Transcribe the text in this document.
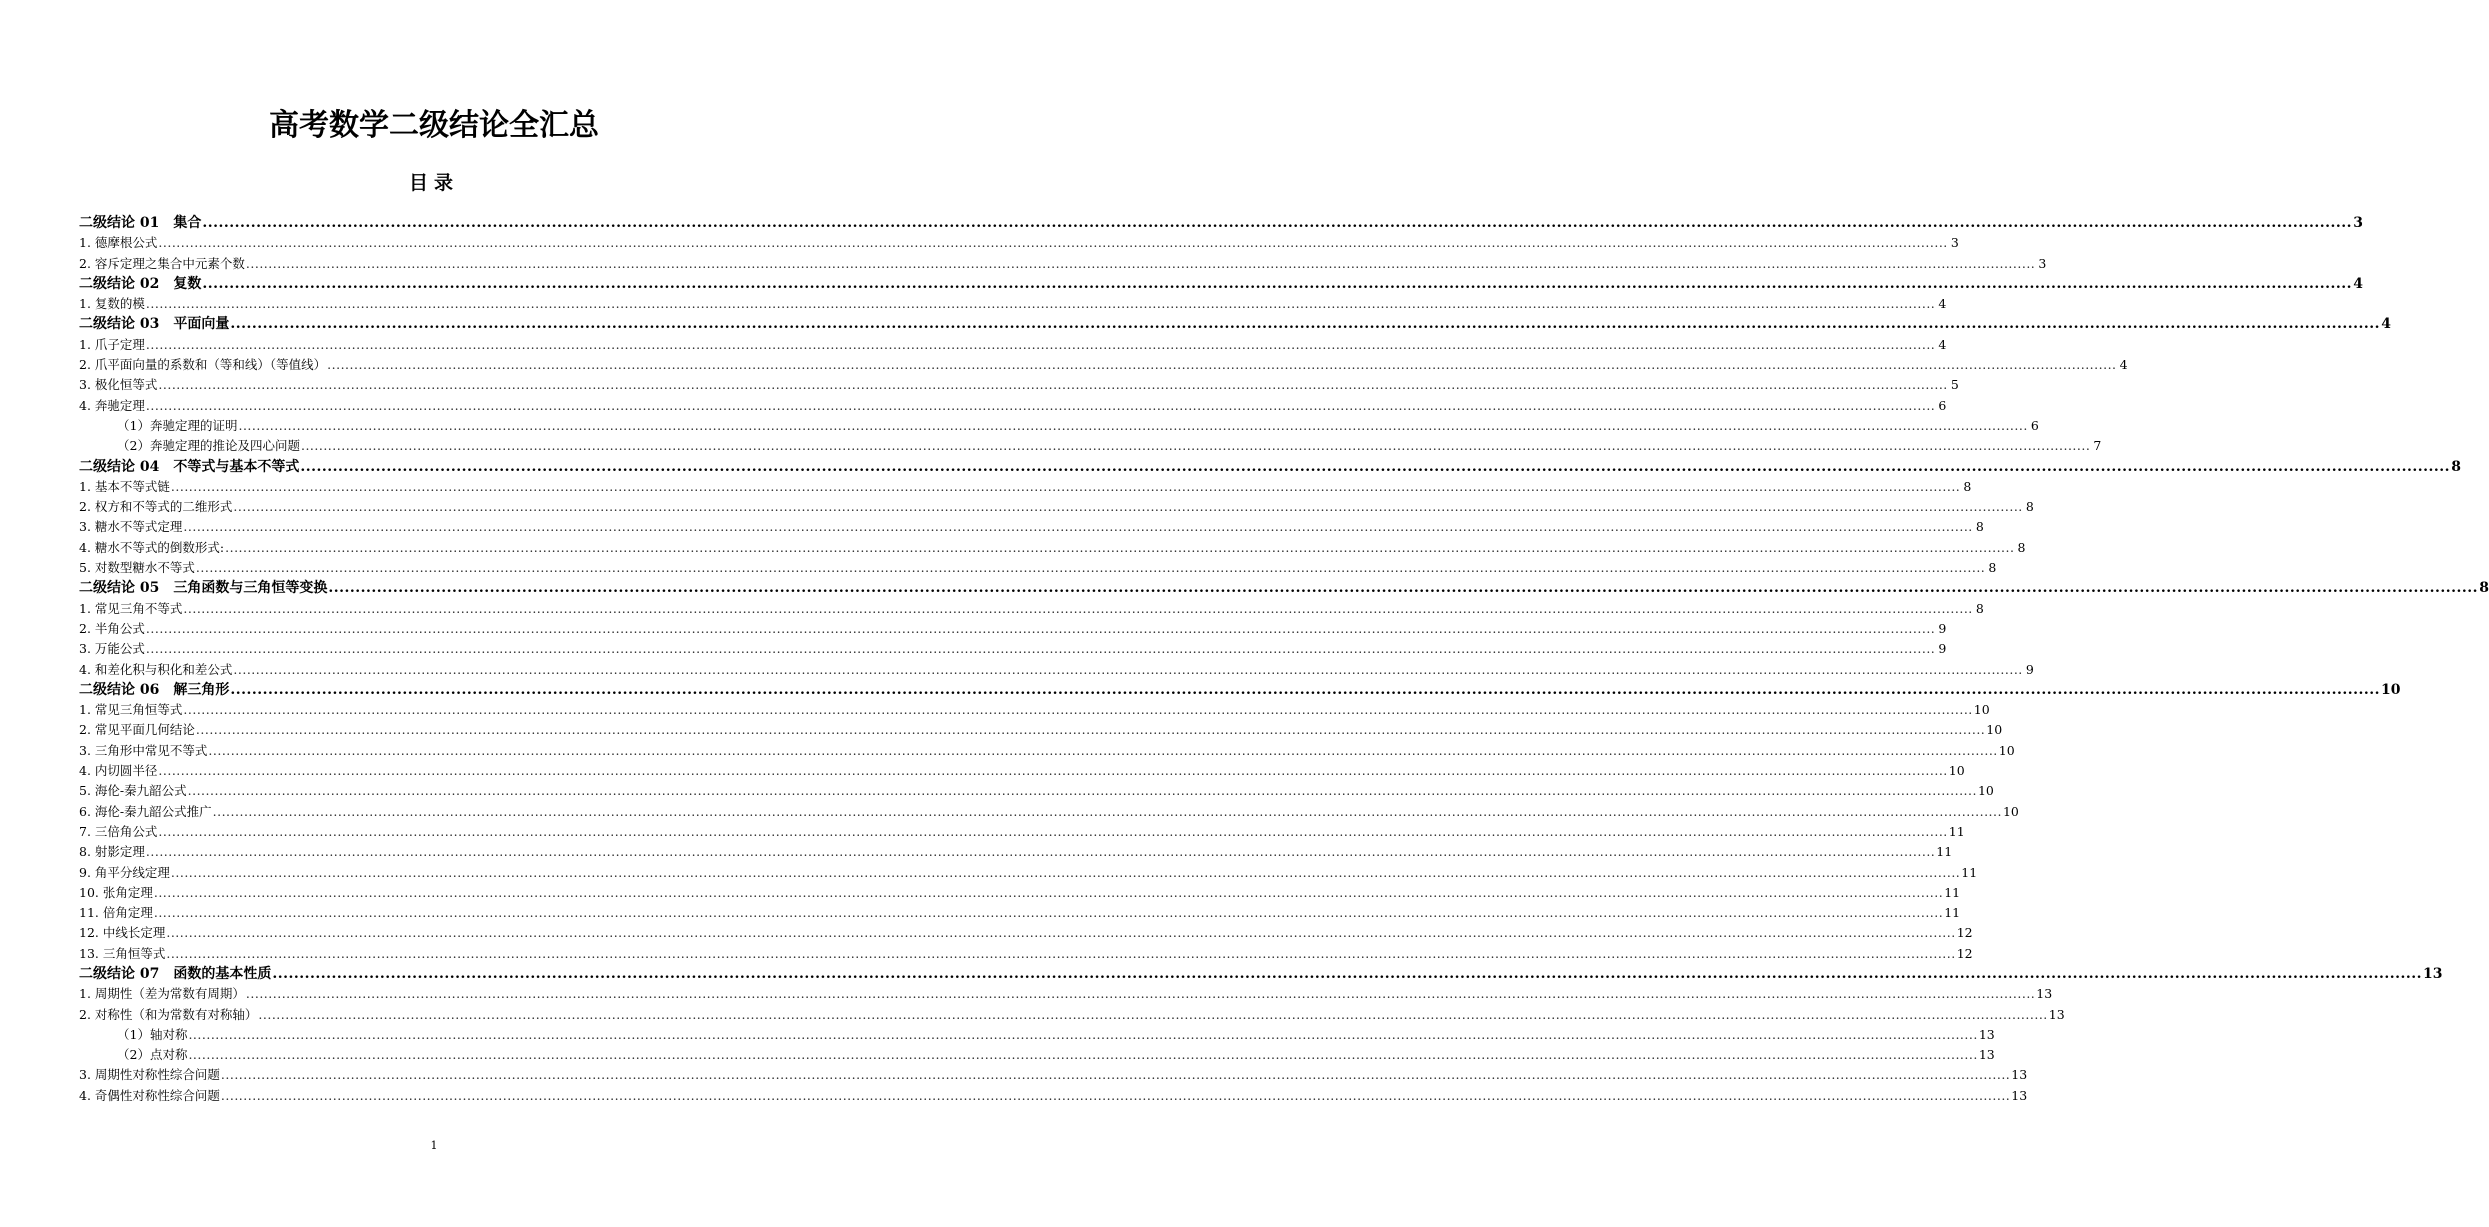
高考数学二级结论全汇总
目录
二级结论 01　集合 ................................................................................................................................................................................................................................................................................................................................................................................................................ 3
1. 德摩根公式 ................................................................................................................................................................................................................................................................................................................................................................................................................ 3
2. 容斥定理之集合中元素个数 ................................................................................................................................................................................................................................................................................................................................................................................................................ 3
二级结论 02　复数 ................................................................................................................................................................................................................................................................................................................................................................................................................ 4
1. 复数的模 ................................................................................................................................................................................................................................................................................................................................................................................................................ 4
二级结论 03　平面向量 ................................................................................................................................................................................................................................................................................................................................................................................................................ 4
1. 爪子定理 ................................................................................................................................................................................................................................................................................................................................................................................................................ 4
2. 爪平面向量的系数和（等和线）（等值线） ................................................................................................................................................................................................................................................................................................................................................................................................................ 4
3. 极化恒等式 ................................................................................................................................................................................................................................................................................................................................................................................................................ 5
4. 奔驰定理 ................................................................................................................................................................................................................................................................................................................................................................................................................ 6
（1）奔驰定理的证明 ................................................................................................................................................................................................................................................................................................................................................................................................................ 6
（2）奔驰定理的推论及四心问题 ................................................................................................................................................................................................................................................................................................................................................................................................................ 7
二级结论 04　不等式与基本不等式 ................................................................................................................................................................................................................................................................................................................................................................................................................ 8
1. 基本不等式链 ................................................................................................................................................................................................................................................................................................................................................................................................................ 8
2. 权方和不等式的二维形式 ................................................................................................................................................................................................................................................................................................................................................................................................................ 8
3. 糖水不等式定理 ................................................................................................................................................................................................................................................................................................................................................................................................................ 8
4. 糖水不等式的倒数形式: ................................................................................................................................................................................................................................................................................................................................................................................................................ 8
5. 对数型糖水不等式 ................................................................................................................................................................................................................................................................................................................................................................................................................ 8
二级结论 05　三角函数与三角恒等变换 ................................................................................................................................................................................................................................................................................................................................................................................................................ 8
1. 常见三角不等式 ................................................................................................................................................................................................................................................................................................................................................................................................................ 8
2. 半角公式 ................................................................................................................................................................................................................................................................................................................................................................................................................ 9
3. 万能公式 ................................................................................................................................................................................................................................................................................................................................................................................................................ 9
4. 和差化积与积化和差公式 ................................................................................................................................................................................................................................................................................................................................................................................................................ 9
二级结论 06　解三角形 ................................................................................................................................................................................................................................................................................................................................................................................................................ 10
1. 常见三角恒等式 ................................................................................................................................................................................................................................................................................................................................................................................................................ 10
2. 常见平面几何结论 ................................................................................................................................................................................................................................................................................................................................................................................................................ 10
3. 三角形中常见不等式 ................................................................................................................................................................................................................................................................................................................................................................................................................ 10
4. 内切圆半径 ................................................................................................................................................................................................................................................................................................................................................................................................................ 10
5. 海伦-秦九韶公式 ................................................................................................................................................................................................................................................................................................................................................................................................................ 10
6. 海伦-秦九韶公式推广 ................................................................................................................................................................................................................................................................................................................................................................................................................ 10
7. 三倍角公式 ................................................................................................................................................................................................................................................................................................................................................................................................................ 11
8. 射影定理 ................................................................................................................................................................................................................................................................................................................................................................................................................ 11
9. 角平分线定理 ................................................................................................................................................................................................................................................................................................................................................................................................................ 11
10. 张角定理 ................................................................................................................................................................................................................................................................................................................................................................................................................ 11
11. 倍角定理 ................................................................................................................................................................................................................................................................................................................................................................................................................ 11
12. 中线长定理 ................................................................................................................................................................................................................................................................................................................................................................................................................ 12
13. 三角恒等式 ................................................................................................................................................................................................................................................................................................................................................................................................................ 12
二级结论 07　函数的基本性质 ................................................................................................................................................................................................................................................................................................................................................................................................................ 13
1. 周期性（差为常数有周期） ................................................................................................................................................................................................................................................................................................................................................................................................................ 13
2. 对称性（和为常数有对称轴） ................................................................................................................................................................................................................................................................................................................................................................................................................ 13
（1）轴对称 ................................................................................................................................................................................................................................................................................................................................................................................................................ 13
（2）点对称 ................................................................................................................................................................................................................................................................................................................................................................................................................ 13
3. 周期性对称性综合问题 ................................................................................................................................................................................................................................................................................................................................................................................................................ 13
4. 奇偶性对称性综合问题 ................................................................................................................................................................................................................................................................................................................................................................................................................ 13
1
